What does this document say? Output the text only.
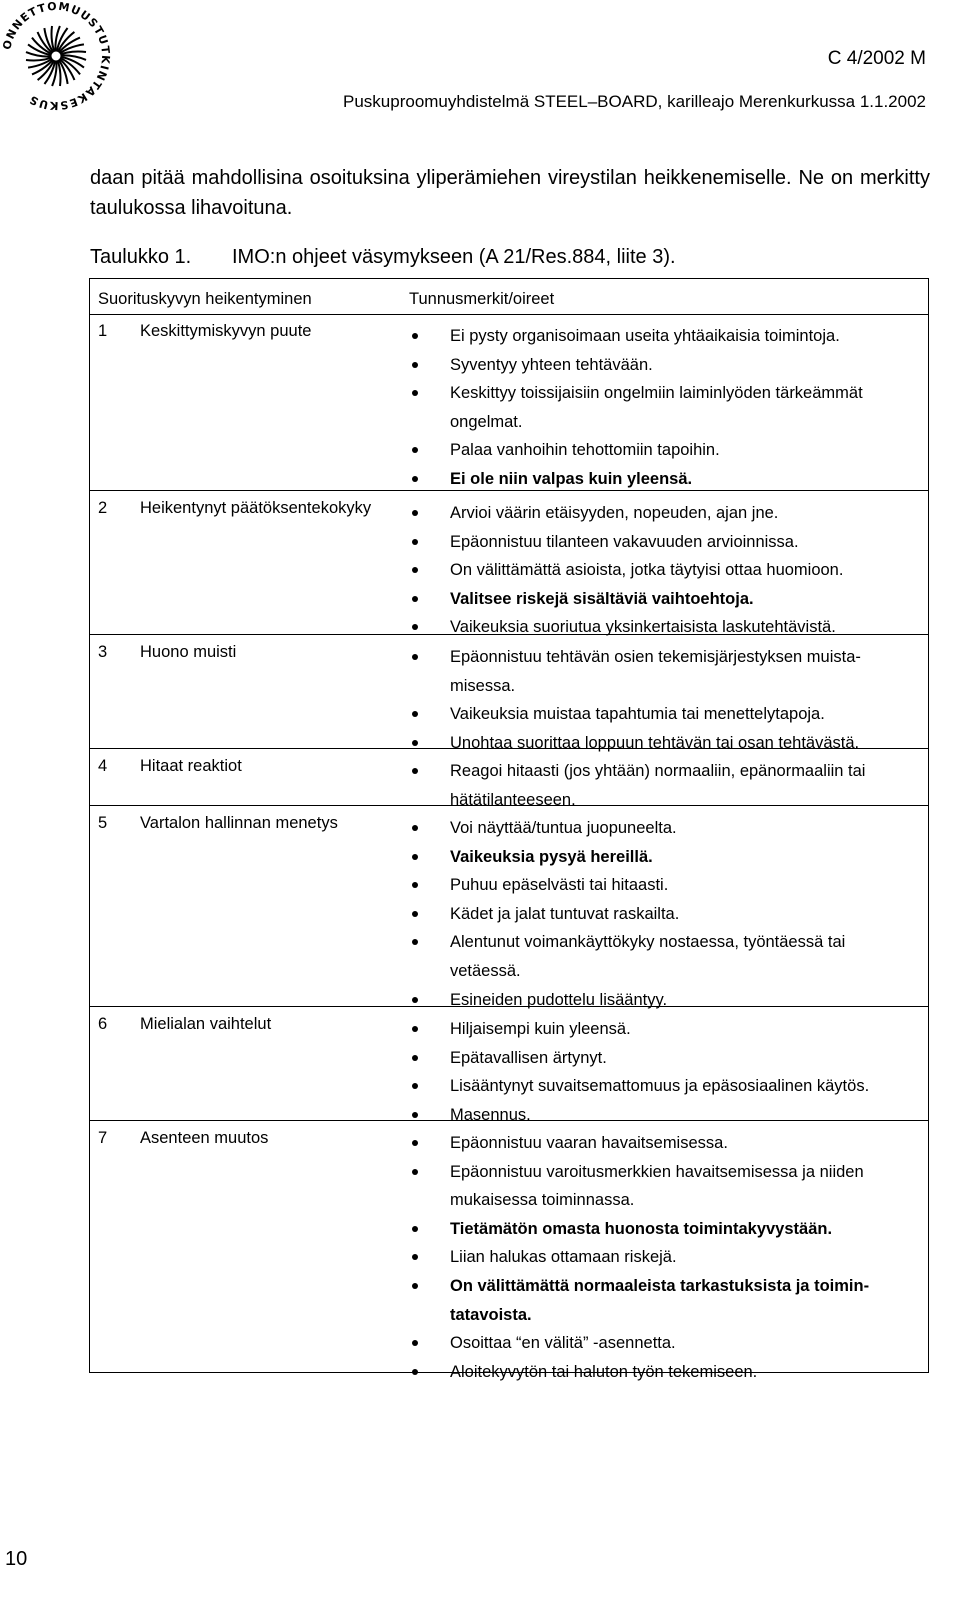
ONNETTOMUUSTUTKINTAKESKUS
C 4/2002 M
Puskuproomuyhdistelmä STEEL–BOARD, karilleajo Merenkurkussa 1.1.2002
daan pitää mahdollisina osoituksina yliperämiehen vireystilan heikkenemiselle. Ne on merkitty taulukossa lihavoituna.
Taulukko 1. IMO:n ohjeet väsymykseen (A 21/Res.884, liite 3).
Suorituskyvyn heikentyminen	Tunnusmerkit/oireet
1 Keskittymiskyvyn puute	Ei pysty organisoimaan useita yhtäaikaisia toimintoja.
Syventyy yhteen tehtävään.
Keskittyy toissijaisiin ongelmiin laiminlyöden tärkeämmät ongelmat.
Palaa vanhoihin tehottomiin tapoihin.
Ei ole niin valpas kuin yleensä.
2 Heikentynyt päätöksentekokyky	Arvioi väärin etäisyyden, nopeuden, ajan jne.
Epäonnistuu tilanteen vakavuuden arvioinnissa.
On välittämättä asioista, jotka täytyisi ottaa huomioon.
Valitsee riskejä sisältäviä vaihtoehtoja.
Vaikeuksia suoriutua yksinkertaisista laskutehtävistä.
3 Huono muisti	Epäonnistuu tehtävän osien tekemisjärjestyksen muista-misessa.
Vaikeuksia muistaa tapahtumia tai menettelytapoja.
Unohtaa suorittaa loppuun tehtävän tai osan tehtävästä.
4 Hitaat reaktiot	Reagoi hitaasti (jos yhtään) normaaliin, epänormaaliin tai hätätilanteeseen.
5 Vartalon hallinnan menetys	Voi näyttää/tuntua juopuneelta.
Vaikeuksia pysyä hereillä.
Puhuu epäselvästi tai hitaasti.
Kädet ja jalat tuntuvat raskailta.
Alentunut voimankäyttökyky nostaessa, työntäessä tai vetäessä.
Esineiden pudottelu lisääntyy.
6 Mielialan vaihtelut	Hiljaisempi kuin yleensä.
Epätavallisen ärtynyt.
Lisääntynyt suvaitsemattomuus ja epäsosiaalinen käytös.
Masennus.
7 Asenteen muutos	Epäonnistuu vaaran havaitsemisessa.
Epäonnistuu varoitusmerkkien havaitsemisessa ja niiden mukaisessa toiminnassa.
Tietämätön omasta huonosta toimintakyvystään.
Liian halukas ottamaan riskejä.
On välittämättä normaaleista tarkastuksista ja toimin-tatavoista.
Osoittaa “en välitä” -asennetta.
Aloitekyvytön tai haluton työn tekemiseen.
10
